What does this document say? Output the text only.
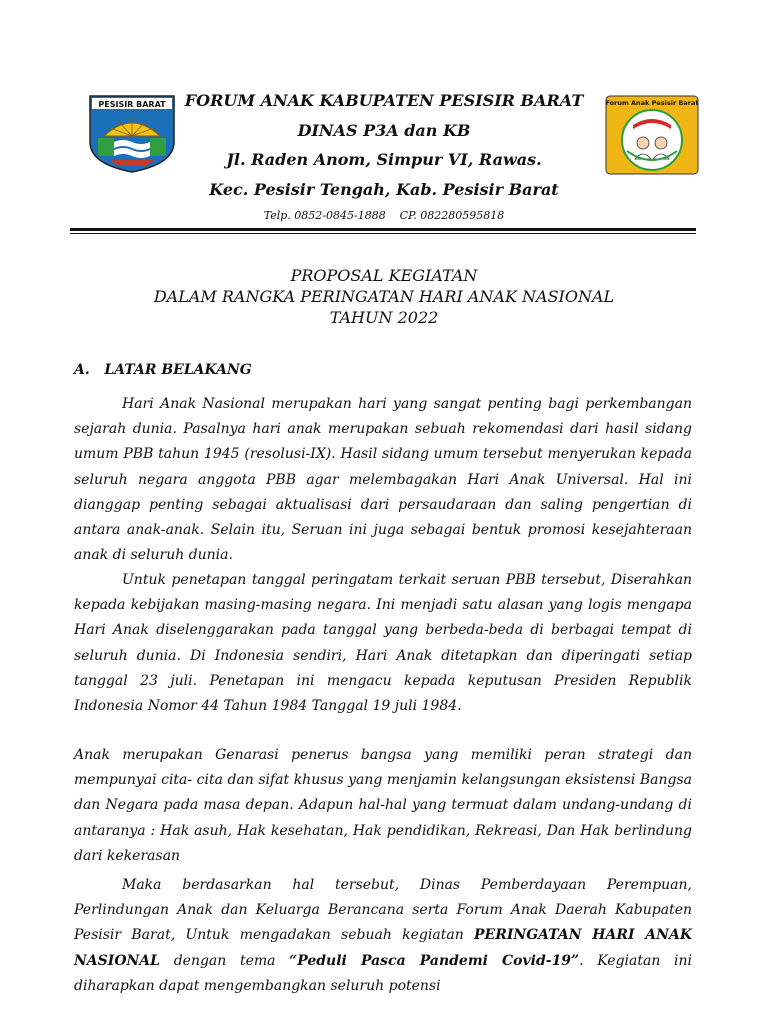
PESISIR BARAT	Forum Anak Pesisir Barat
FORUM ANAK KABUPATEN PESISIR BARAT
DINAS P3A dan KB
Jl. Raden Anom, Simpur VI, Rawas.
Kec. Pesisir Tengah, Kab. Pesisir Barat
Telp. 0852-0845-1888    CP. 082280595818
PROPOSAL KEGIATAN
DALAM RANGKA PERINGATAN HARI ANAK NASIONAL
TAHUN 2022
A.   LATAR BELAKANG

Hari Anak Nasional merupakan hari yang sangat penting bagi perkembangan sejarah dunia. Pasalnya hari anak merupakan sebuah rekomendasi dari hasil sidang umum PBB tahun 1945 (resolusi-IX). Hasil sidang umum tersebut menyerukan kepada seluruh negara anggota PBB agar melembagakan Hari Anak Universal. Hal ini dianggap penting sebagai aktualisasi dari persaudaraan dan saling pengertian di antara anak-anak. Selain itu, Seruan ini juga sebagai bentuk promosi kesejahteraan anak di seluruh dunia.

Untuk penetapan tanggal peringatam terkait seruan PBB tersebut, Diserahkan kepada kebijakan masing-masing negara. Ini menjadi satu alasan yang logis mengapa Hari Anak diselenggarakan pada tanggal yang berbeda-beda di berbagai tempat di seluruh dunia. Di Indonesia sendiri, Hari Anak ditetapkan dan diperingati setiap tanggal 23 juli. Penetapan ini mengacu kepada keputusan Presiden Republik Indonesia Nomor 44 Tahun 1984 Tanggal 19 juli 1984.

Anak merupakan Genarasi penerus bangsa yang memiliki peran strategi dan mempunyai cita- cita dan sifat khusus yang menjamin kelangsungan eksistensi Bangsa dan Negara pada masa depan. Adapun hal-hal yang termuat dalam undang-undang di antaranya : Hak asuh, Hak kesehatan, Hak pendidikan, Rekreasi, Dan Hak berlindung dari kekerasan

Maka berdasarkan hal tersebut, Dinas Pemberdayaan Perempuan, Perlindungan Anak dan Keluarga Berancana serta Forum Anak Daerah Kabupaten Pesisir Barat, Untuk mengadakan sebuah kegiatan PERINGATAN HARI ANAK NASIONAL dengan tema “Peduli Pasca Pandemi Covid-19”. Kegiatan ini diharapkan dapat mengembangkan seluruh potensi
